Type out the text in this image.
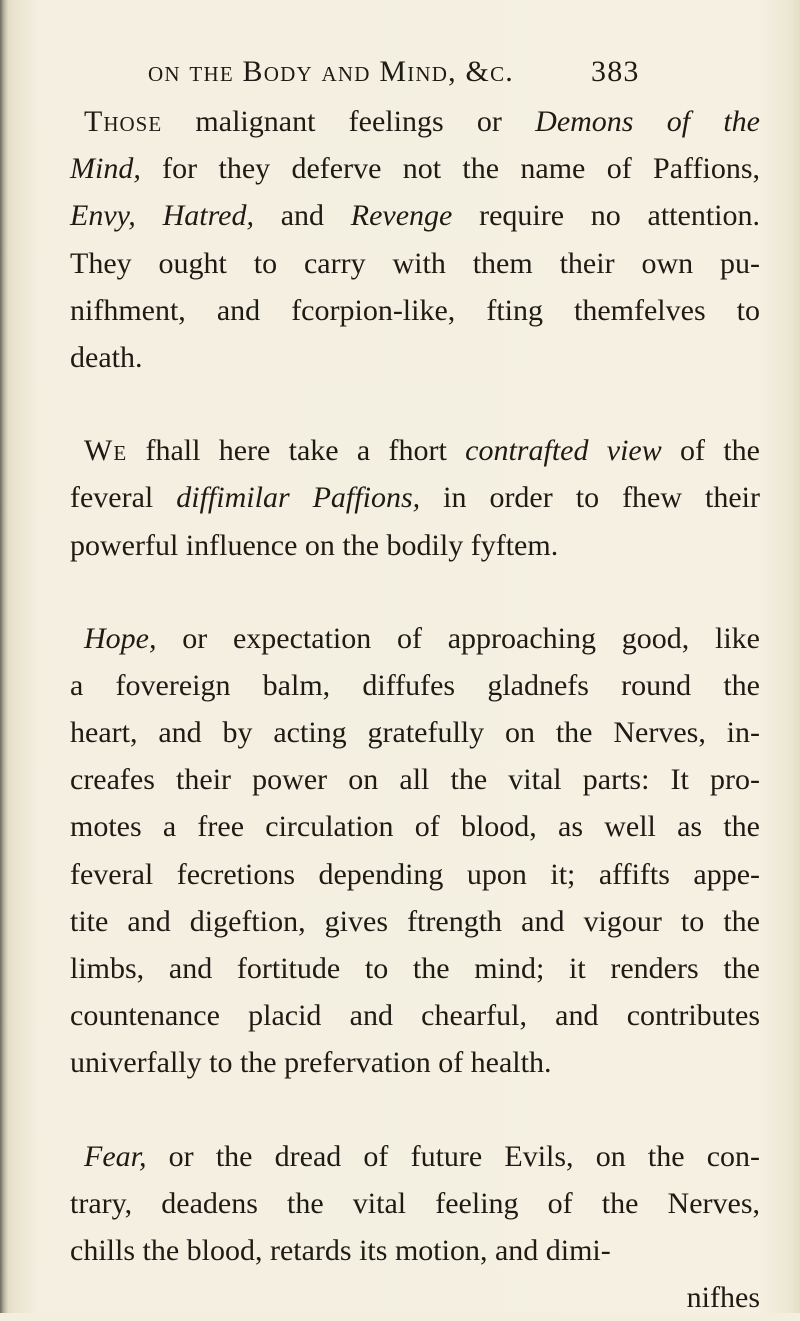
on the Body and Mind, &c.	383
Those malignant feelings or Demons of the
Mind, for they deferve not the name of Paffions,
Envy, Hatred, and Revenge require no attention.
They ought to carry with them their own pu-
nifhment, and fcorpion-like, fting themfelves to
death.
We fhall here take a fhort contrafted view of the
feveral diffimilar Paffions, in order to fhew their
powerful influence on the bodily fyftem.
Hope, or expectation of approaching good, like
a fovereign balm, diffufes gladnefs round the
heart, and by acting gratefully on the Nerves, in-
creafes their power on all the vital parts: It pro-
motes a free circulation of blood, as well as the
feveral fecretions depending upon it; affifts appe-
tite and digeftion, gives ftrength and vigour to the
limbs, and fortitude to the mind; it renders the
countenance placid and chearful, and contributes
univerfally to the prefervation of health.
Fear, or the dread of future Evils, on the con-
trary, deadens the vital feeling of the Nerves,
chills the blood, retards its motion, and dimi-
nifhes
